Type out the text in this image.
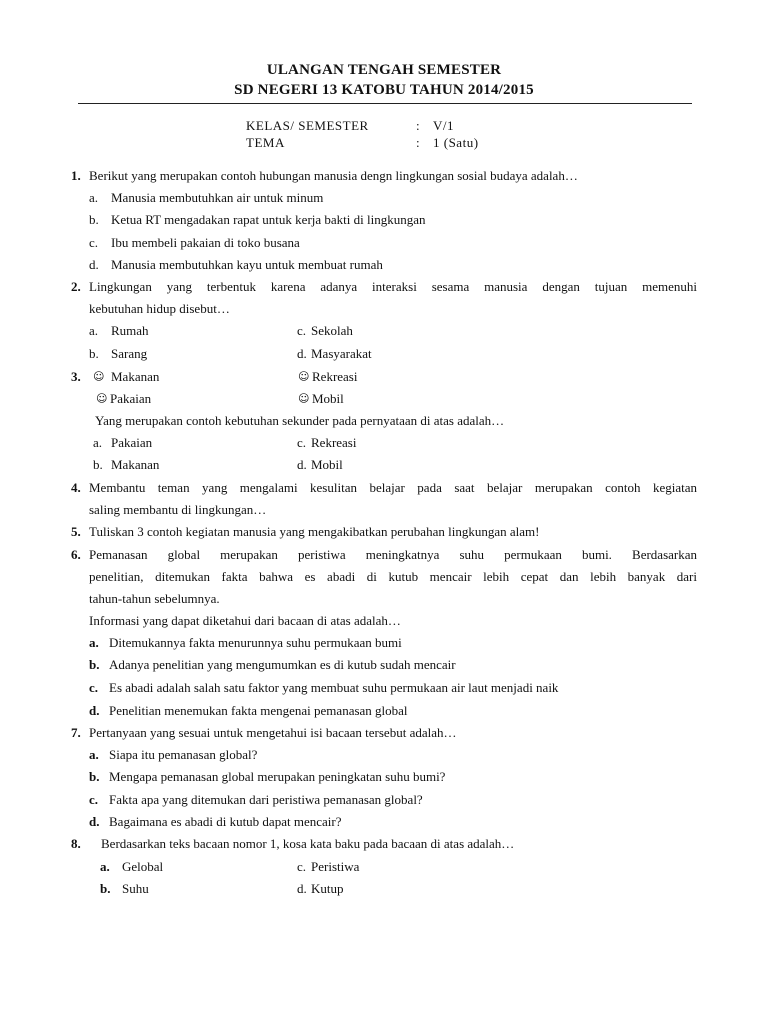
ULANGAN TENGAH SEMESTER
SD NEGERI 13 KATOBU TAHUN 2014/2015
KELAS/ SEMESTER	: V/1
TEMA	: 1 (Satu)
1. Berikut yang merupakan contoh hubungan manusia dengn lingkungan sosial budaya adalah…
a. Manusia membutuhkan air untuk minum
b. Ketua RT mengadakan rapat untuk kerja bakti di lingkungan
c. Ibu membeli pakaian di toko busana
d. Manusia membutuhkan kayu untuk membuat rumah
2. Lingkungan yang terbentuk karena adanya interaksi sesama manusia dengan tujuan memenuhi
kebutuhan hidup disebut…
a. Rumah
b. Sarang
c. Sekolah
d. Masyarakat
3. ☺ Makanan	☺ Rekreasi
☺ Pakaian	☺ Mobil
Yang merupakan contoh kebutuhan sekunder pada pernyataan di atas adalah…
a. Pakaian
b. Makanan
c. Rekreasi
d. Mobil
4. Membantu teman yang mengalami kesulitan belajar pada saat belajar merupakan contoh kegiatan
saling membantu di lingkungan…
5. Tuliskan 3 contoh kegiatan manusia yang mengakibatkan perubahan lingkungan alam!
6. Pemanasan global merupakan peristiwa meningkatnya suhu permukaan bumi. Berdasarkan
penelitian, ditemukan fakta bahwa es abadi di kutub mencair lebih cepat dan lebih banyak dari
tahun-tahun sebelumnya.
Informasi yang dapat diketahui dari bacaan di atas adalah…
a. Ditemukannya fakta menurunnya suhu permukaan bumi
b. Adanya penelitian yang mengumumkan es di kutub sudah mencair
c. Es abadi adalah salah satu faktor yang membuat suhu permukaan air laut menjadi naik
d. Penelitian menemukan fakta mengenai pemanasan global
7. Pertanyaan yang sesuai untuk mengetahui isi bacaan tersebut adalah…
a. Siapa itu pemanasan global?
b. Mengapa pemanasan global merupakan peningkatan suhu bumi?
c. Fakta apa yang ditemukan dari peristiwa pemanasan global?
d. Bagaimana es abadi di kutub dapat mencair?
8. Berdasarkan teks bacaan nomor 1, kosa kata baku pada bacaan di atas adalah…
a. Gelobal
b. Suhu
c. Peristiwa
d. Kutup
